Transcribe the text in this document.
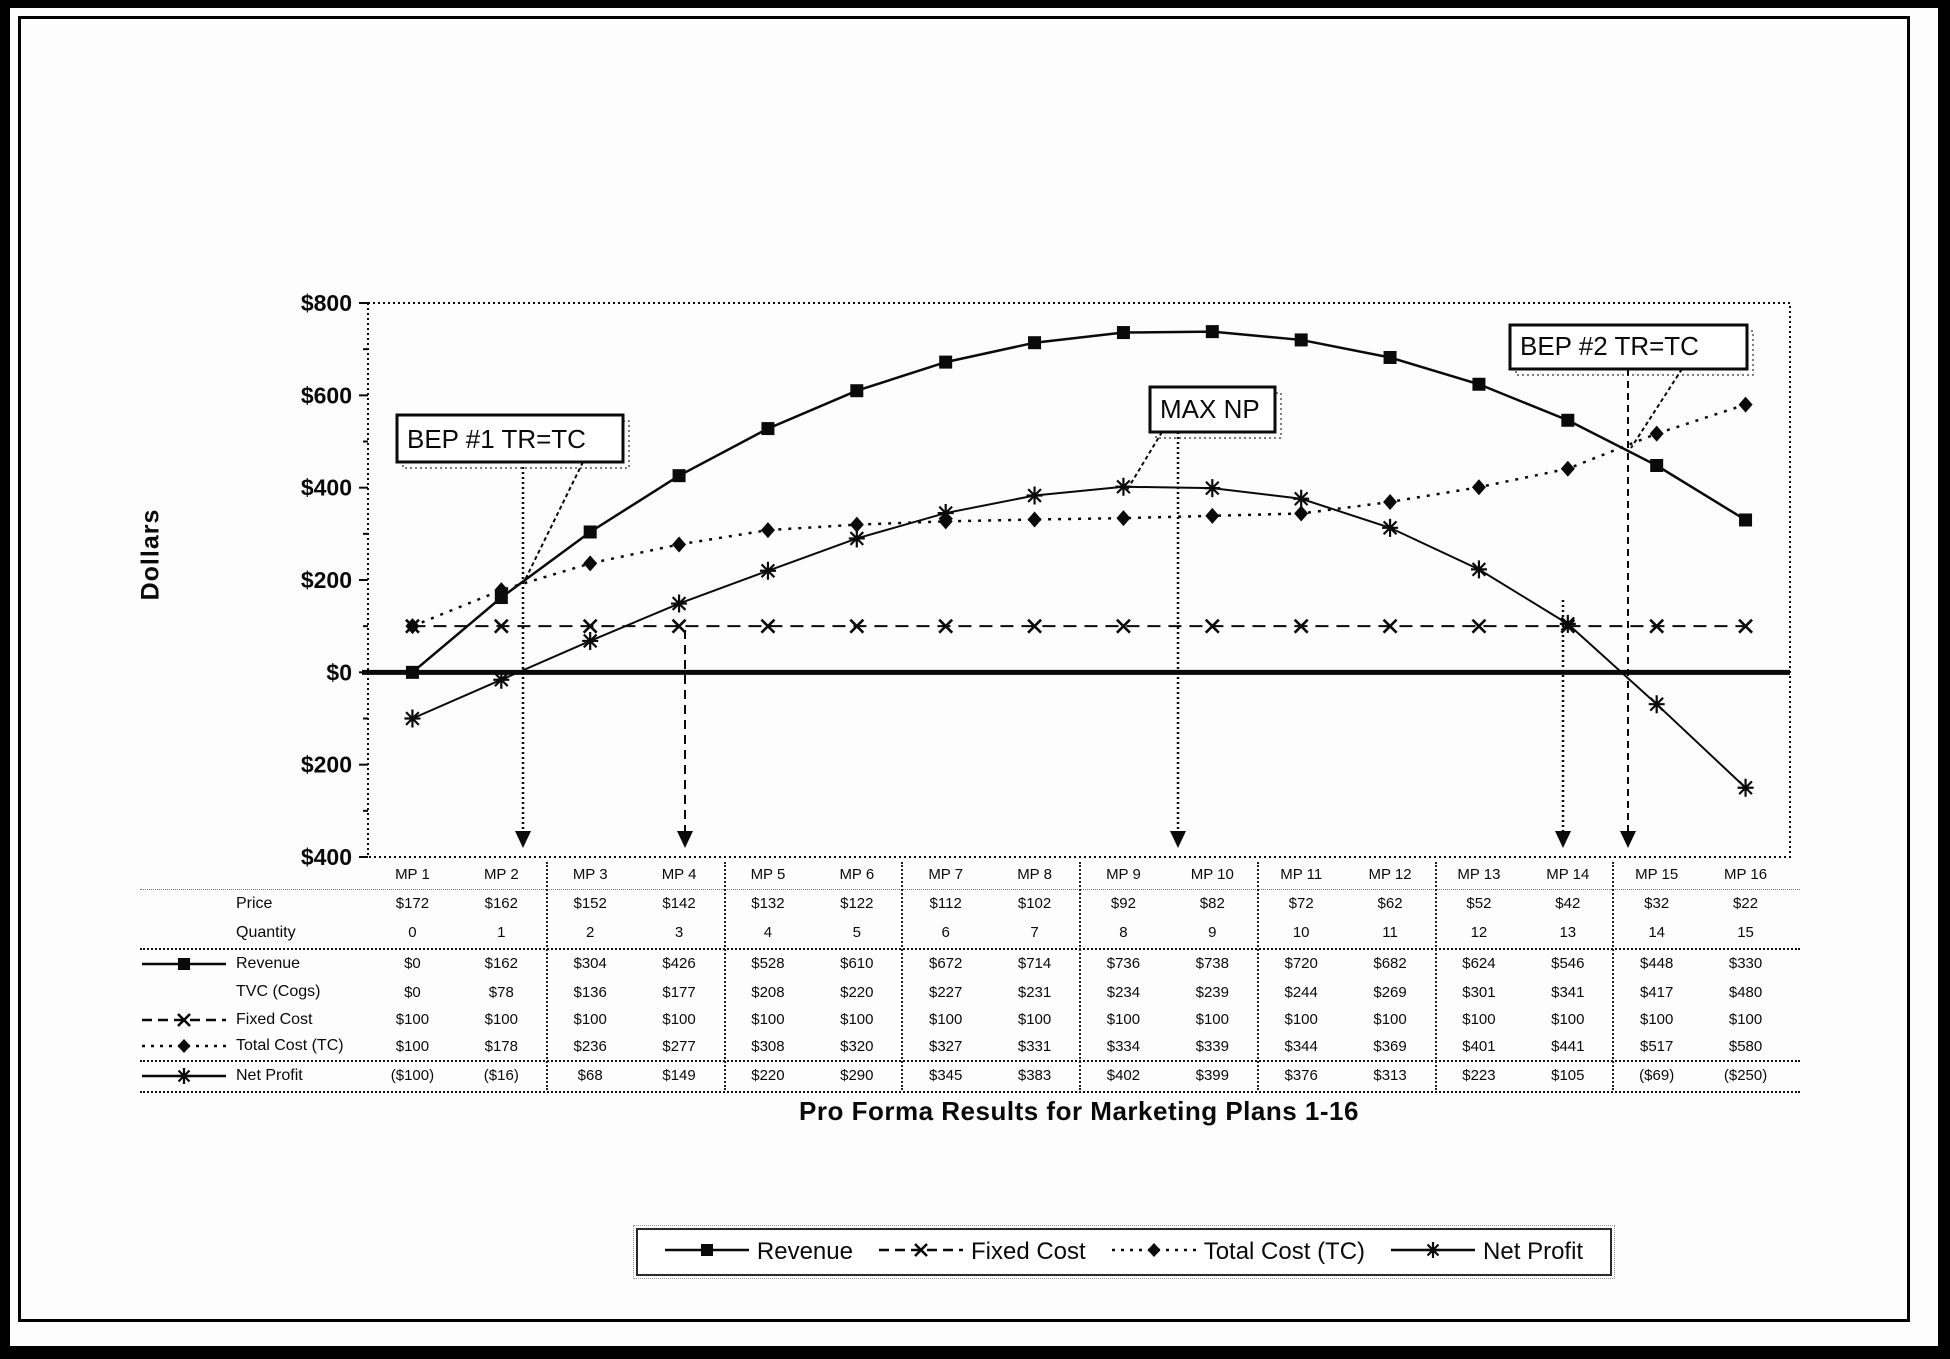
Dollars
$800
$600
$400
$200
$0
$200
$400
BEP #1 TR=TC
MAX NP
BEP #2 TR=TC
MP 1	MP 2	MP 3	MP 4	MP 5	MP 6	MP 7	MP 8	MP 9	MP 10	MP 11	MP 12	MP 13	MP 14	MP 15	MP 16
Price	$172	$162	$152	$142	$132	$122	$112	$102	$92	$82	$72	$62	$52	$42	$32	$22
Quantity	0	1	2	3	4	5	6	7	8	9	10	11	12	13	14	15
Revenue	$0	$162	$304	$426	$528	$610	$672	$714	$736	$738	$720	$682	$624	$546	$448	$330
TVC (Cogs)	$0	$78	$136	$177	$208	$220	$227	$231	$234	$239	$244	$269	$301	$341	$417	$480
Fixed Cost	$100	$100	$100	$100	$100	$100	$100	$100	$100	$100	$100	$100	$100	$100	$100	$100
Total Cost (TC)	$100	$178	$236	$277	$308	$320	$327	$331	$334	$339	$344	$369	$401	$441	$517	$580
Net Profit	($100)	($16)	$68	$149	$220	$290	$345	$383	$402	$399	$376	$313	$223	$105	($69)	($250)
Pro Forma Results for Marketing Plans 1-16
Revenue	Fixed Cost	Total Cost (TC)	Net Profit
